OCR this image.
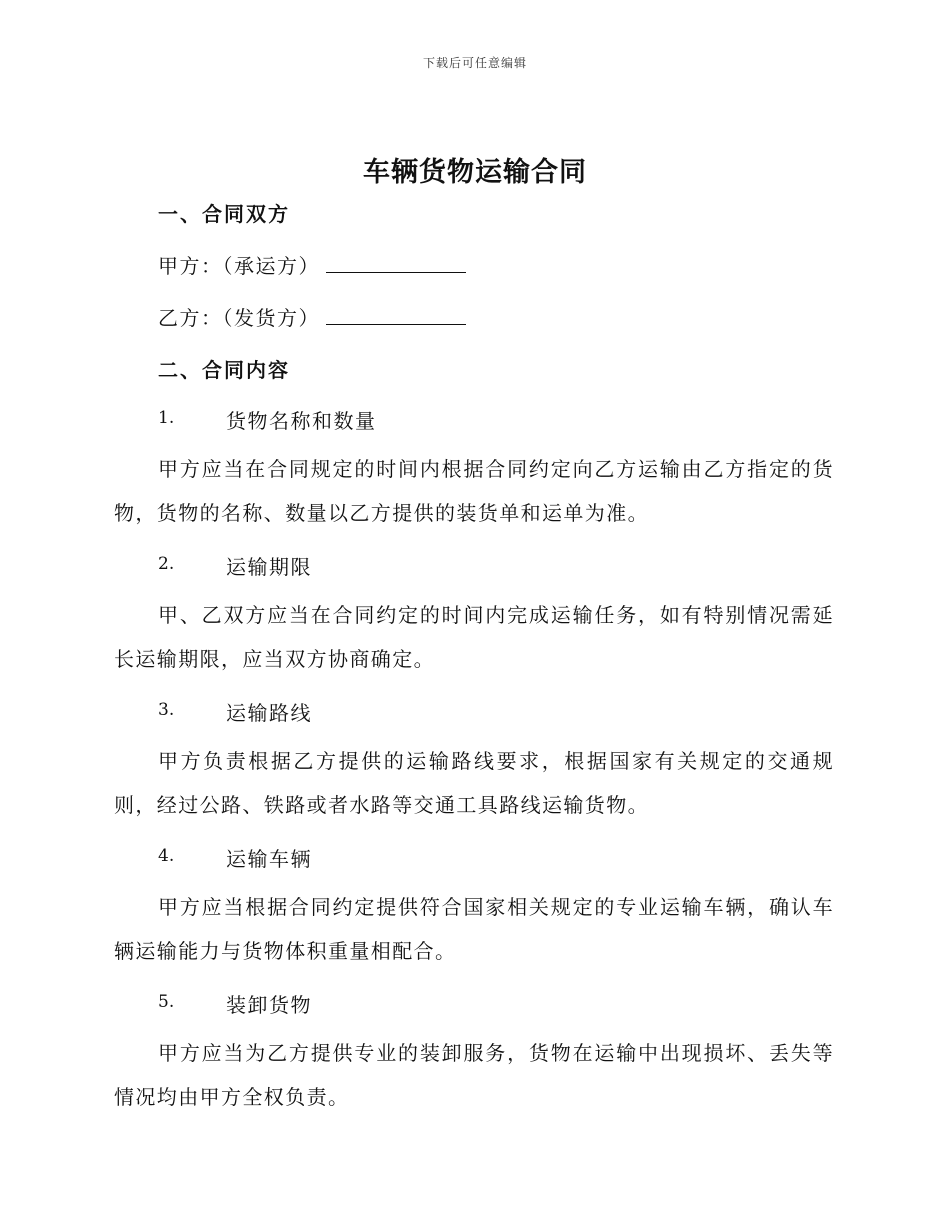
下载后可任意编辑
车辆货物运输合同
一、合同双方
甲方：（承运方）
乙方：（发货方）
二、合同内容
1.	货物名称和数量

甲方应当在合同规定的时间内根据合同约定向乙方运输由乙方指定的货物，货物的名称、数量以乙方提供的装货单和运单为准。

2.	运输期限

甲、乙双方应当在合同约定的时间内完成运输任务，如有特别情况需延长运输期限，应当双方协商确定。

3.	运输路线

甲方负责根据乙方提供的运输路线要求，根据国家有关规定的交通规则，经过公路、铁路或者水路等交通工具路线运输货物。

4.	运输车辆

甲方应当根据合同约定提供符合国家相关规定的专业运输车辆，确认车辆运输能力与货物体积重量相配合。

5.	装卸货物

甲方应当为乙方提供专业的装卸服务，货物在运输中出现损坏、丢失等情况均由甲方全权负责。
